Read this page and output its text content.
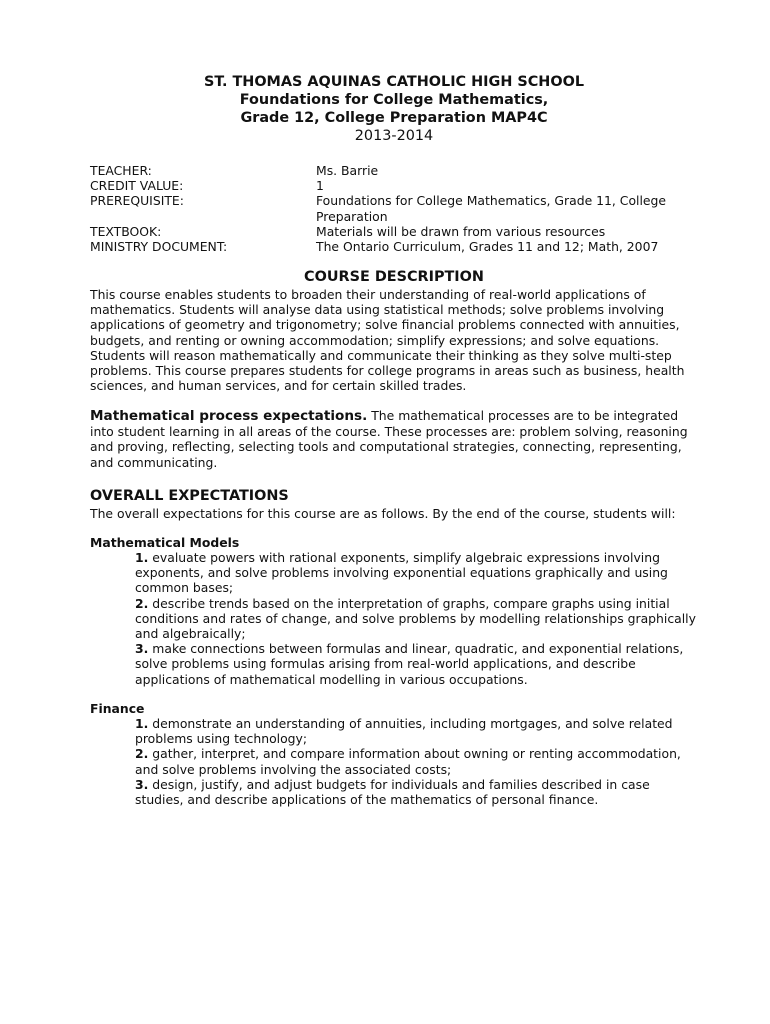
ST. THOMAS AQUINAS CATHOLIC HIGH SCHOOL
Foundations for College Mathematics,
Grade 12, College Preparation MAP4C
2013-2014
TEACHER:	Ms. Barrie
CREDIT VALUE:	1
PREREQUISITE:	Foundations for College Mathematics, Grade 11, College Preparation
TEXTBOOK:	Materials will be drawn from various resources
MINISTRY DOCUMENT:	The Ontario Curriculum, Grades 11 and 12; Math, 2007
COURSE DESCRIPTION
This course enables students to broaden their understanding of real-world applications of mathematics. Students will analyse data using statistical methods; solve problems involving applications of geometry and trigonometry; solve financial problems connected with annuities, budgets, and renting or owning accommodation; simplify expressions; and solve equations. Students will reason mathematically and communicate their thinking as they solve multi-step problems. This course prepares students for college programs in areas such as business, health sciences, and human services, and for certain skilled trades.
Mathematical process expectations. The mathematical processes are to be integrated into student learning in all areas of the course. These processes are: problem solving, reasoning and proving, reflecting, selecting tools and computational strategies, connecting, representing, and communicating.
OVERALL EXPECTATIONS
The overall expectations for this course are as follows. By the end of the course, students will:
Mathematical Models
1. evaluate powers with rational exponents, simplify algebraic expressions involving exponents, and solve problems involving exponential equations graphically and using common bases;
2. describe trends based on the interpretation of graphs, compare graphs using initial conditions and rates of change, and solve problems by modelling relationships graphically and algebraically;
3. make connections between formulas and linear, quadratic, and exponential relations, solve problems using formulas arising from real-world applications, and describe applications of mathematical modelling in various occupations.
Finance
1. demonstrate an understanding of annuities, including mortgages, and solve related problems using technology;
2. gather, interpret, and compare information about owning or renting accommodation, and solve problems involving the associated costs;
3. design, justify, and adjust budgets for individuals and families described in case studies, and describe applications of the mathematics of personal finance.
